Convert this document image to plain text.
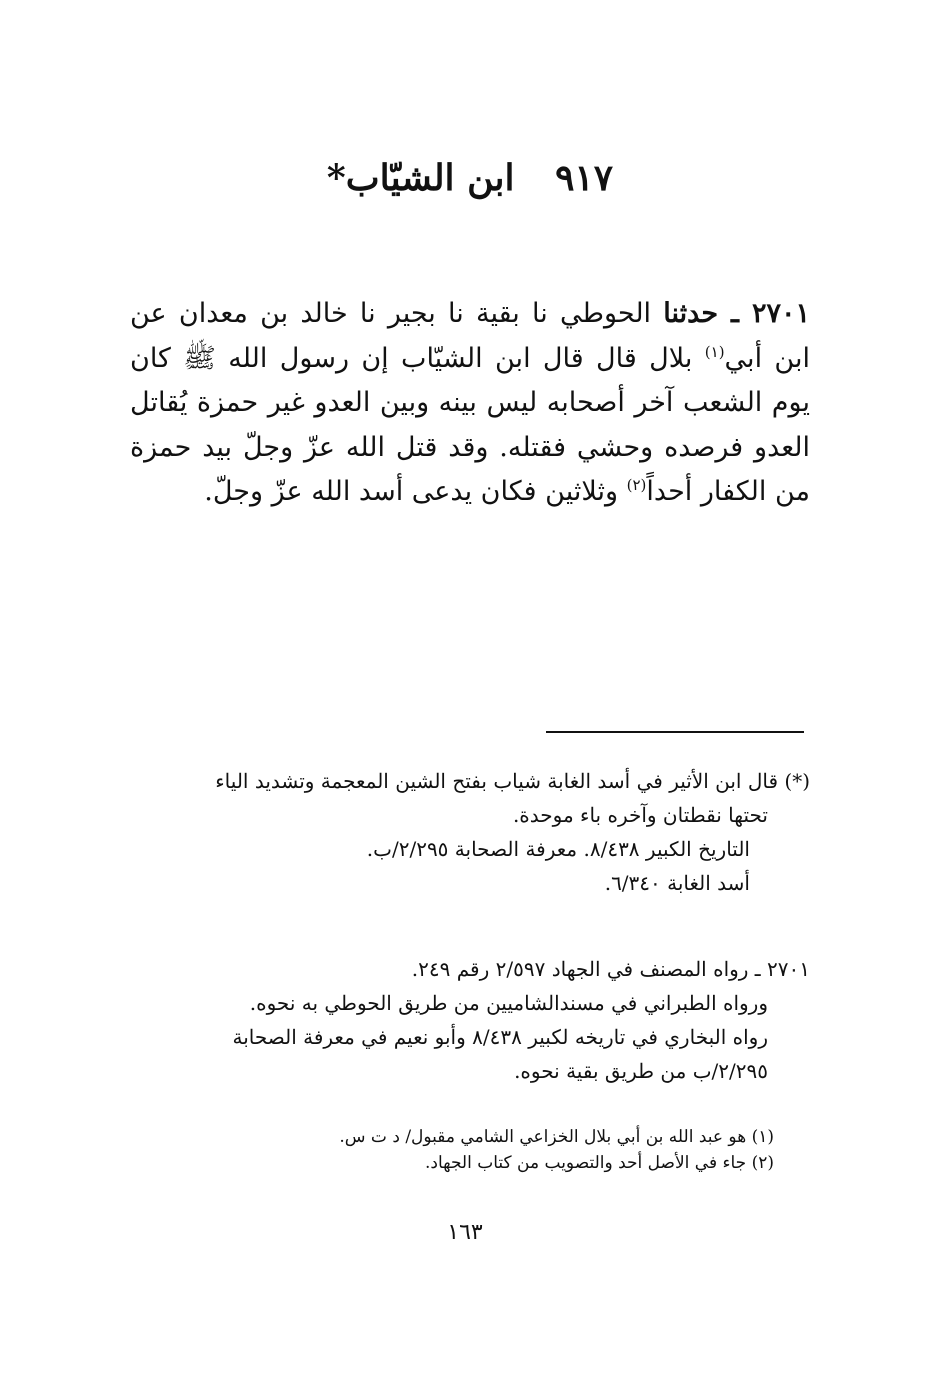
٩١٧ ابن الشيّاب*
٢٧٠١ ـ حدثنا الحوطي نا بقية نا بجير نا خالد بن معدان عن ابن أبي$^{(١)}$ بلال قال قال ابن الشيّاب إن رسول الله ﷺ كان يوم الشعب آخر أصحابه ليس بينه وبين العدو غير حمزة يُقاتل العدو فرصده وحشي فقتله. وقد قتل الله عزّ وجلّ بيد حمزة من الكفار أحداً$^{(٢)}$ وثلاثين فكان يدعى أسد الله عزّ وجلّ.

(*) قال ابن الأثير في أسد الغابة شياب بفتح الشين المعجمة وتشديد الياء

تحتها نقطتان وآخره باء موحدة.

التاريخ الكبير ٨/٤٣٨. معرفة الصحابة ٢/٢٩٥/ب.

أسد الغابة ٦/٣٤٠.

٢٧٠١ ـ رواه المصنف في الجهاد ٢/٥٩٧ رقم ٢٤٩.

ورواه الطبراني في مسندالشاميين من طريق الحوطي به نحوه.

رواه البخاري في تاريخه لكبير ٨/٤٣٨ وأبو نعيم في معرفة الصحابة

٢/٢٩٥/ب من طريق بقية نحوه.

(١) هو عبد الله بن أبي بلال الخزاعي الشامي مقبول/ د ت س.

(٢) جاء في الأصل أحد والتصويب من كتاب الجهاد.

١٦٣
